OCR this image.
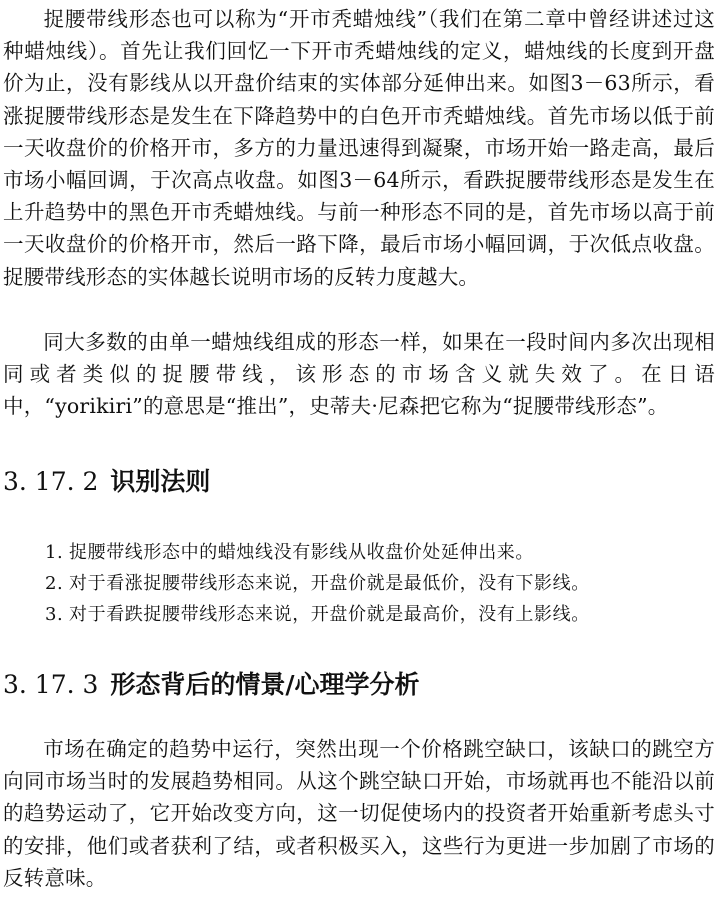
捉腰带线形态也可以称为“开市秃蜡烛线”（我们在第二章中曾经讲述过这种蜡烛线）。首先让我们回忆一下开市秃蜡烛线的定义，蜡烛线的长度到开盘价为止，没有影线从以开盘价结束的实体部分延伸出来。如图3－63所示，看涨捉腰带线形态是发生在下降趋势中的白色开市秃蜡烛线。首先市场以低于前一天收盘价的价格开市，多方的力量迅速得到凝聚，市场开始一路走高，最后市场小幅回调，于次高点收盘。如图3－64所示，看跌捉腰带线形态是发生在上升趋势中的黑色开市秃蜡烛线。与前一种形态不同的是，首先市场以高于前一天收盘价的价格开市，然后一路下降，最后市场小幅回调，于次低点收盘。捉腰带线形态的实体越长说明市场的反转力度越大。

同大多数的由单一蜡烛线组成的形态一样，如果在一段时间内多次出现相同或者类似的捉腰带线，该形态的市场含义就失效了。在日语中，“yorikiri”的意思是“推出”，史蒂夫·尼森把它称为“捉腰带线形态”。

3. 17. 2 识别法则
1. 捉腰带线形态中的蜡烛线没有影线从收盘价处延伸出来。
2. 对于看涨捉腰带线形态来说，开盘价就是最低价，没有下影线。
3. 对于看跌捉腰带线形态来说，开盘价就是最高价，没有上影线。
3. 17. 3 形态背后的情景/心理学分析

市场在确定的趋势中运行，突然出现一个价格跳空缺口，该缺口的跳空方向同市场当时的发展趋势相同。从这个跳空缺口开始，市场就再也不能沿以前的趋势运动了，它开始改变方向，这一切促使场内的投资者开始重新考虑头寸的安排，他们或者获利了结，或者积极买入，这些行为更进一步加剧了市场的反转意味。
